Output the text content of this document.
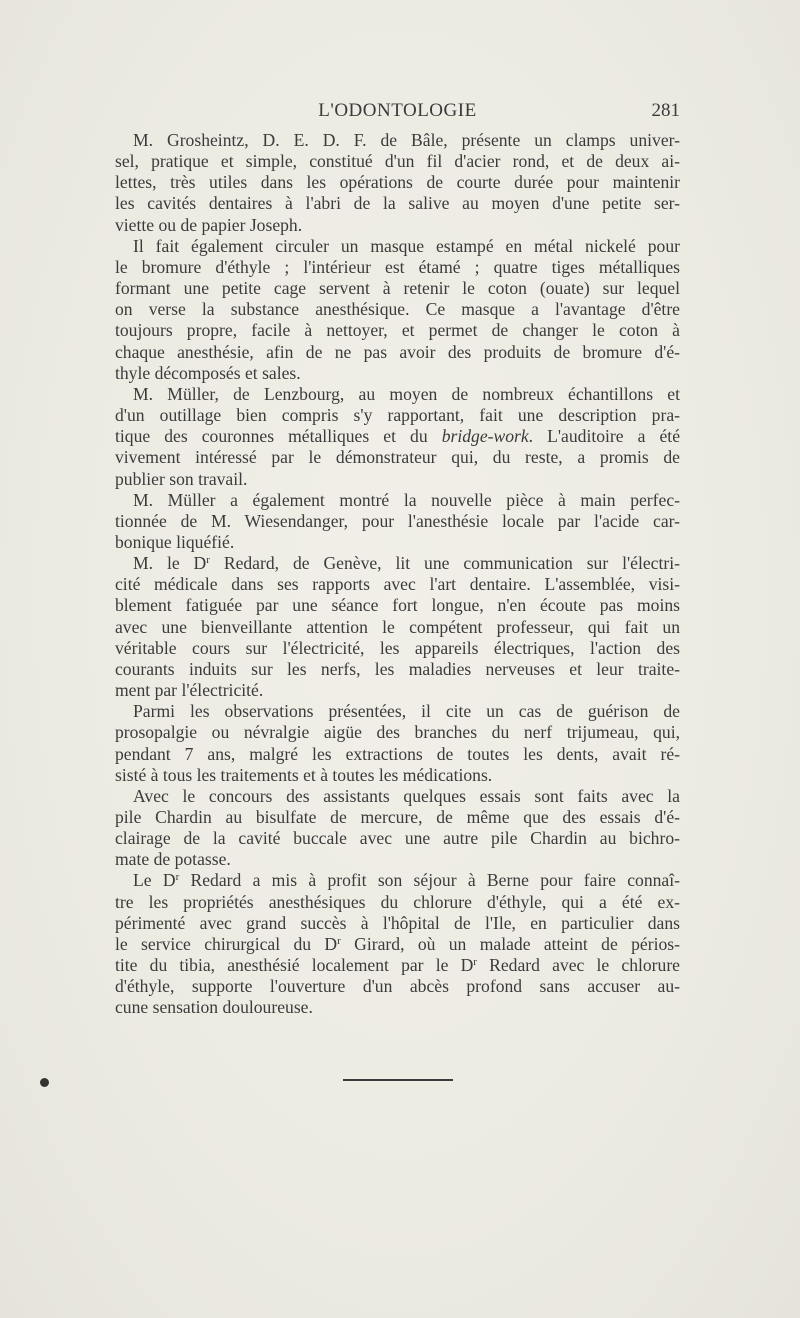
L'ODONTOLOGIE	281

M. Grosheintz, D. E. D. F. de Bâle, présente un clamps univer-
sel, pratique et simple, constitué d'un fil d'acier rond, et de deux ai-
lettes, très utiles dans les opérations de courte durée pour maintenir
les cavités dentaires à l'abri de la salive au moyen d'une petite ser-
viette ou de papier Joseph.

Il fait également circuler un masque estampé en métal nickelé pour
le bromure d'éthyle ; l'intérieur est étamé ; quatre tiges métalliques
formant une petite cage servent à retenir le coton (ouate) sur lequel
on verse la substance anesthésique. Ce masque a l'avantage d'être
toujours propre, facile à nettoyer, et permet de changer le coton à
chaque anesthésie, afin de ne pas avoir des produits de bromure d'é-
thyle décomposés et sales.

M. Müller, de Lenzbourg, au moyen de nombreux échantillons et
d'un outillage bien compris s'y rapportant, fait une description pra-
tique des couronnes métalliques et du bridge-work. L'auditoire a été
vivement intéressé par le démonstrateur qui, du reste, a promis de
publier son travail.

M. Müller a également montré la nouvelle pièce à main perfec-
tionnée de M. Wiesendanger, pour l'anesthésie locale par l'acide car-
bonique liquéfié.

M. le $D^r$ Redard, de Genève, lit une communication sur l'électri-
cité médicale dans ses rapports avec l'art dentaire. L'assemblée, visi-
blement fatiguée par une séance fort longue, n'en écoute pas moins
avec une bienveillante attention le compétent professeur, qui fait un
véritable cours sur l'électricité, les appareils électriques, l'action des
courants induits sur les nerfs, les maladies nerveuses et leur traite-
ment par l'électricité.

Parmi les observations présentées, il cite un cas de guérison de
prosopalgie ou névralgie aigüe des branches du nerf trijumeau, qui,
pendant 7 ans, malgré les extractions de toutes les dents, avait ré-
sisté à tous les traitements et à toutes les médications.

Avec le concours des assistants quelques essais sont faits avec la
pile Chardin au bisulfate de mercure, de même que des essais d'é-
clairage de la cavité buccale avec une autre pile Chardin au bichro-
mate de potasse.

Le $D^r$ Redard a mis à profit son séjour à Berne pour faire connaî-
tre les propriétés anesthésiques du chlorure d'éthyle, qui a été ex-
périmenté avec grand succès à l'hôpital de l'Ile, en particulier dans
le service chirurgical du $D^r$ Girard, où un malade atteint de périos-
tite du tibia, anesthésié localement par le $D^r$ Redard avec le chlorure
d'éthyle, supporte l'ouverture d'un abcès profond sans accuser au-
cune sensation douloureuse.
